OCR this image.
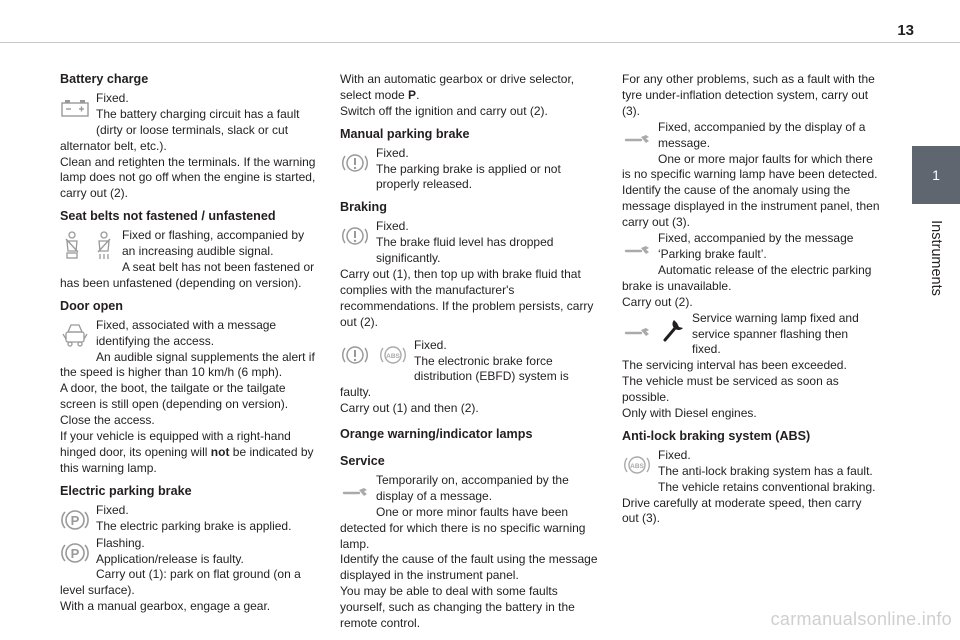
13
1
Instruments
Battery charge

Fixed.

The battery charging circuit has a fault (dirty or loose terminals, slack or cut alternator belt, etc.).

Clean and retighten the terminals. If the warning lamp does not go off when the engine is started, carry out (2).

Seat belts not fastened / unfastened

Fixed or flashing, accompanied by an increasing audible signal.

A seat belt has not been fastened or has been unfastened (depending on version).

Door open

Fixed, associated with a message identifying the access.

An audible signal supplements the alert if the speed is higher than 10 km/h (6 mph).

A door, the boot, the tailgate or the tailgate screen is still open (depending on version).

Close the access.

If your vehicle is equipped with a right-hand hinged door, its opening will not be indicated by this warning lamp.

Electric parking brake
P

Fixed.

The electric parking brake is applied.

P

Flashing.

Application/release is faulty.

Carry out (1): park on flat ground (on a level surface).

With a manual gearbox, engage a gear.

With an automatic gearbox or drive selector, select mode P.

Switch off the ignition and carry out (2).

Manual parking brake

Fixed.

The parking brake is applied or not properly released.

Braking

Fixed.

The brake fluid level has dropped significantly.

Carry out (1), then top up with brake fluid that complies with the manufacturer's recommendations. If the problem persists, carry out (2).

ABS

Fixed.

The electronic brake force distribution (EBFD) system is faulty.

Carry out (1) and then (2).

Orange warning/indicator lamps
Service

Temporarily on, accompanied by the display of a message.

One or more minor faults have been detected for which there is no specific warning lamp.

Identify the cause of the fault using the message displayed in the instrument panel.

You may be able to deal with some faults yourself, such as changing the battery in the remote control.

For any other problems, such as a fault with the tyre under-inflation detection system, carry out (3).

Fixed, accompanied by the display of a message.

One or more major faults for which there is no specific warning lamp have been detected.

Identify the cause of the anomaly using the message displayed in the instrument panel, then carry out (3).

Fixed, accompanied by the message ‘Parking brake fault’.

Automatic release of the electric parking brake is unavailable.

Carry out (2).

Service warning lamp fixed and service spanner flashing then fixed.

The servicing interval has been exceeded.

The vehicle must be serviced as soon as possible.

Only with Diesel engines.

Anti-lock braking system (ABS)
ABS

Fixed.

The anti-lock braking system has a fault.

The vehicle retains conventional braking.

Drive carefully at moderate speed, then carry out (3).

carmanualsonline.info
